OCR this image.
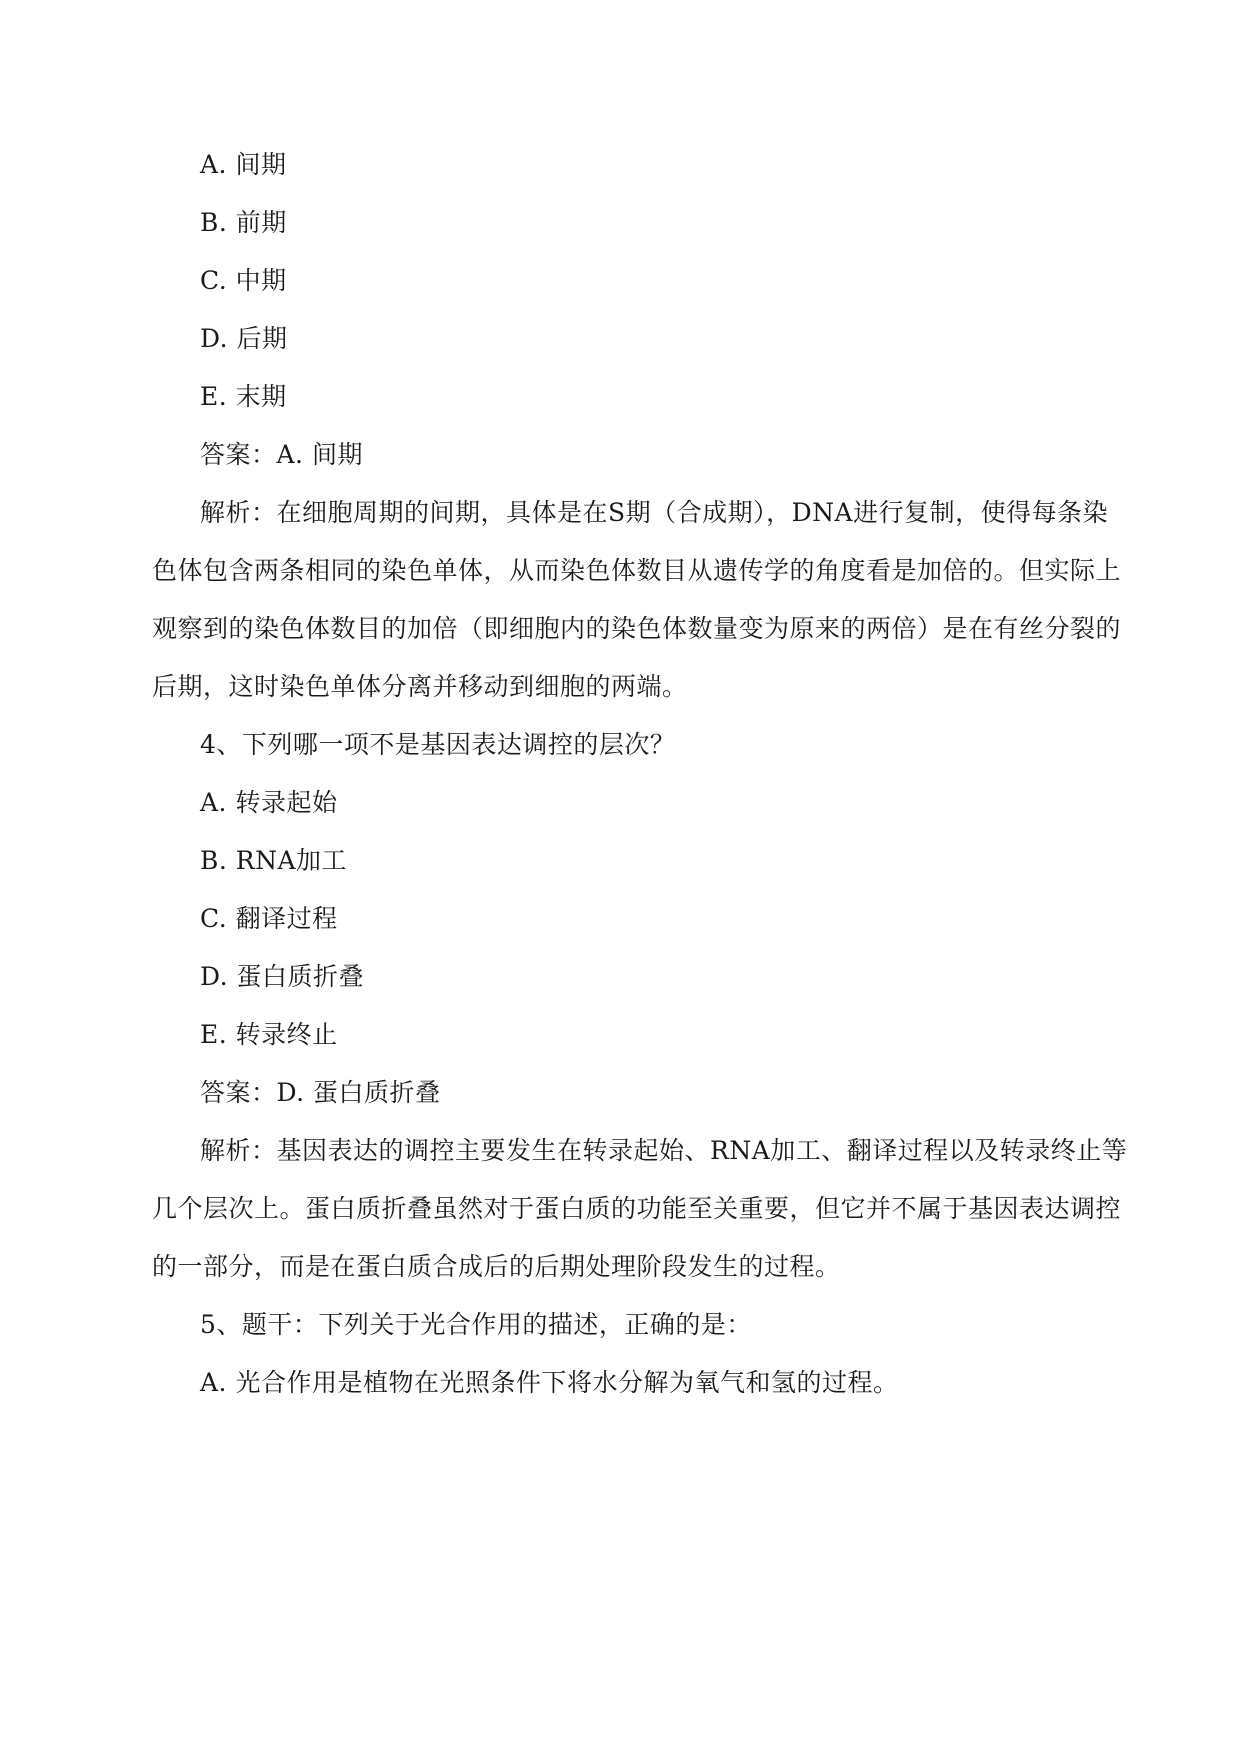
A. 间期
B. 前期
C. 中期
D. 后期
E. 末期
答案：A. 间期
解析：在细胞周期的间期，具体是在S期（合成期），DNA进行复制，使得每条染
色体包含两条相同的染色单体，从而染色体数目从遗传学的角度看是加倍的。但实际上
观察到的染色体数目的加倍（即细胞内的染色体数量变为原来的两倍）是在有丝分裂的
后期，这时染色单体分离并移动到细胞的两端。
4、下列哪一项不是基因表达调控的层次？
A. 转录起始
B. RNA加工
C. 翻译过程
D. 蛋白质折叠
E. 转录终止
答案：D. 蛋白质折叠
解析：基因表达的调控主要发生在转录起始、RNA加工、翻译过程以及转录终止等
几个层次上。蛋白质折叠虽然对于蛋白质的功能至关重要，但它并不属于基因表达调控
的一部分，而是在蛋白质合成后的后期处理阶段发生的过程。
5、题干：下列关于光合作用的描述，正确的是：
A. 光合作用是植物在光照条件下将水分解为氧气和氢的过程。
